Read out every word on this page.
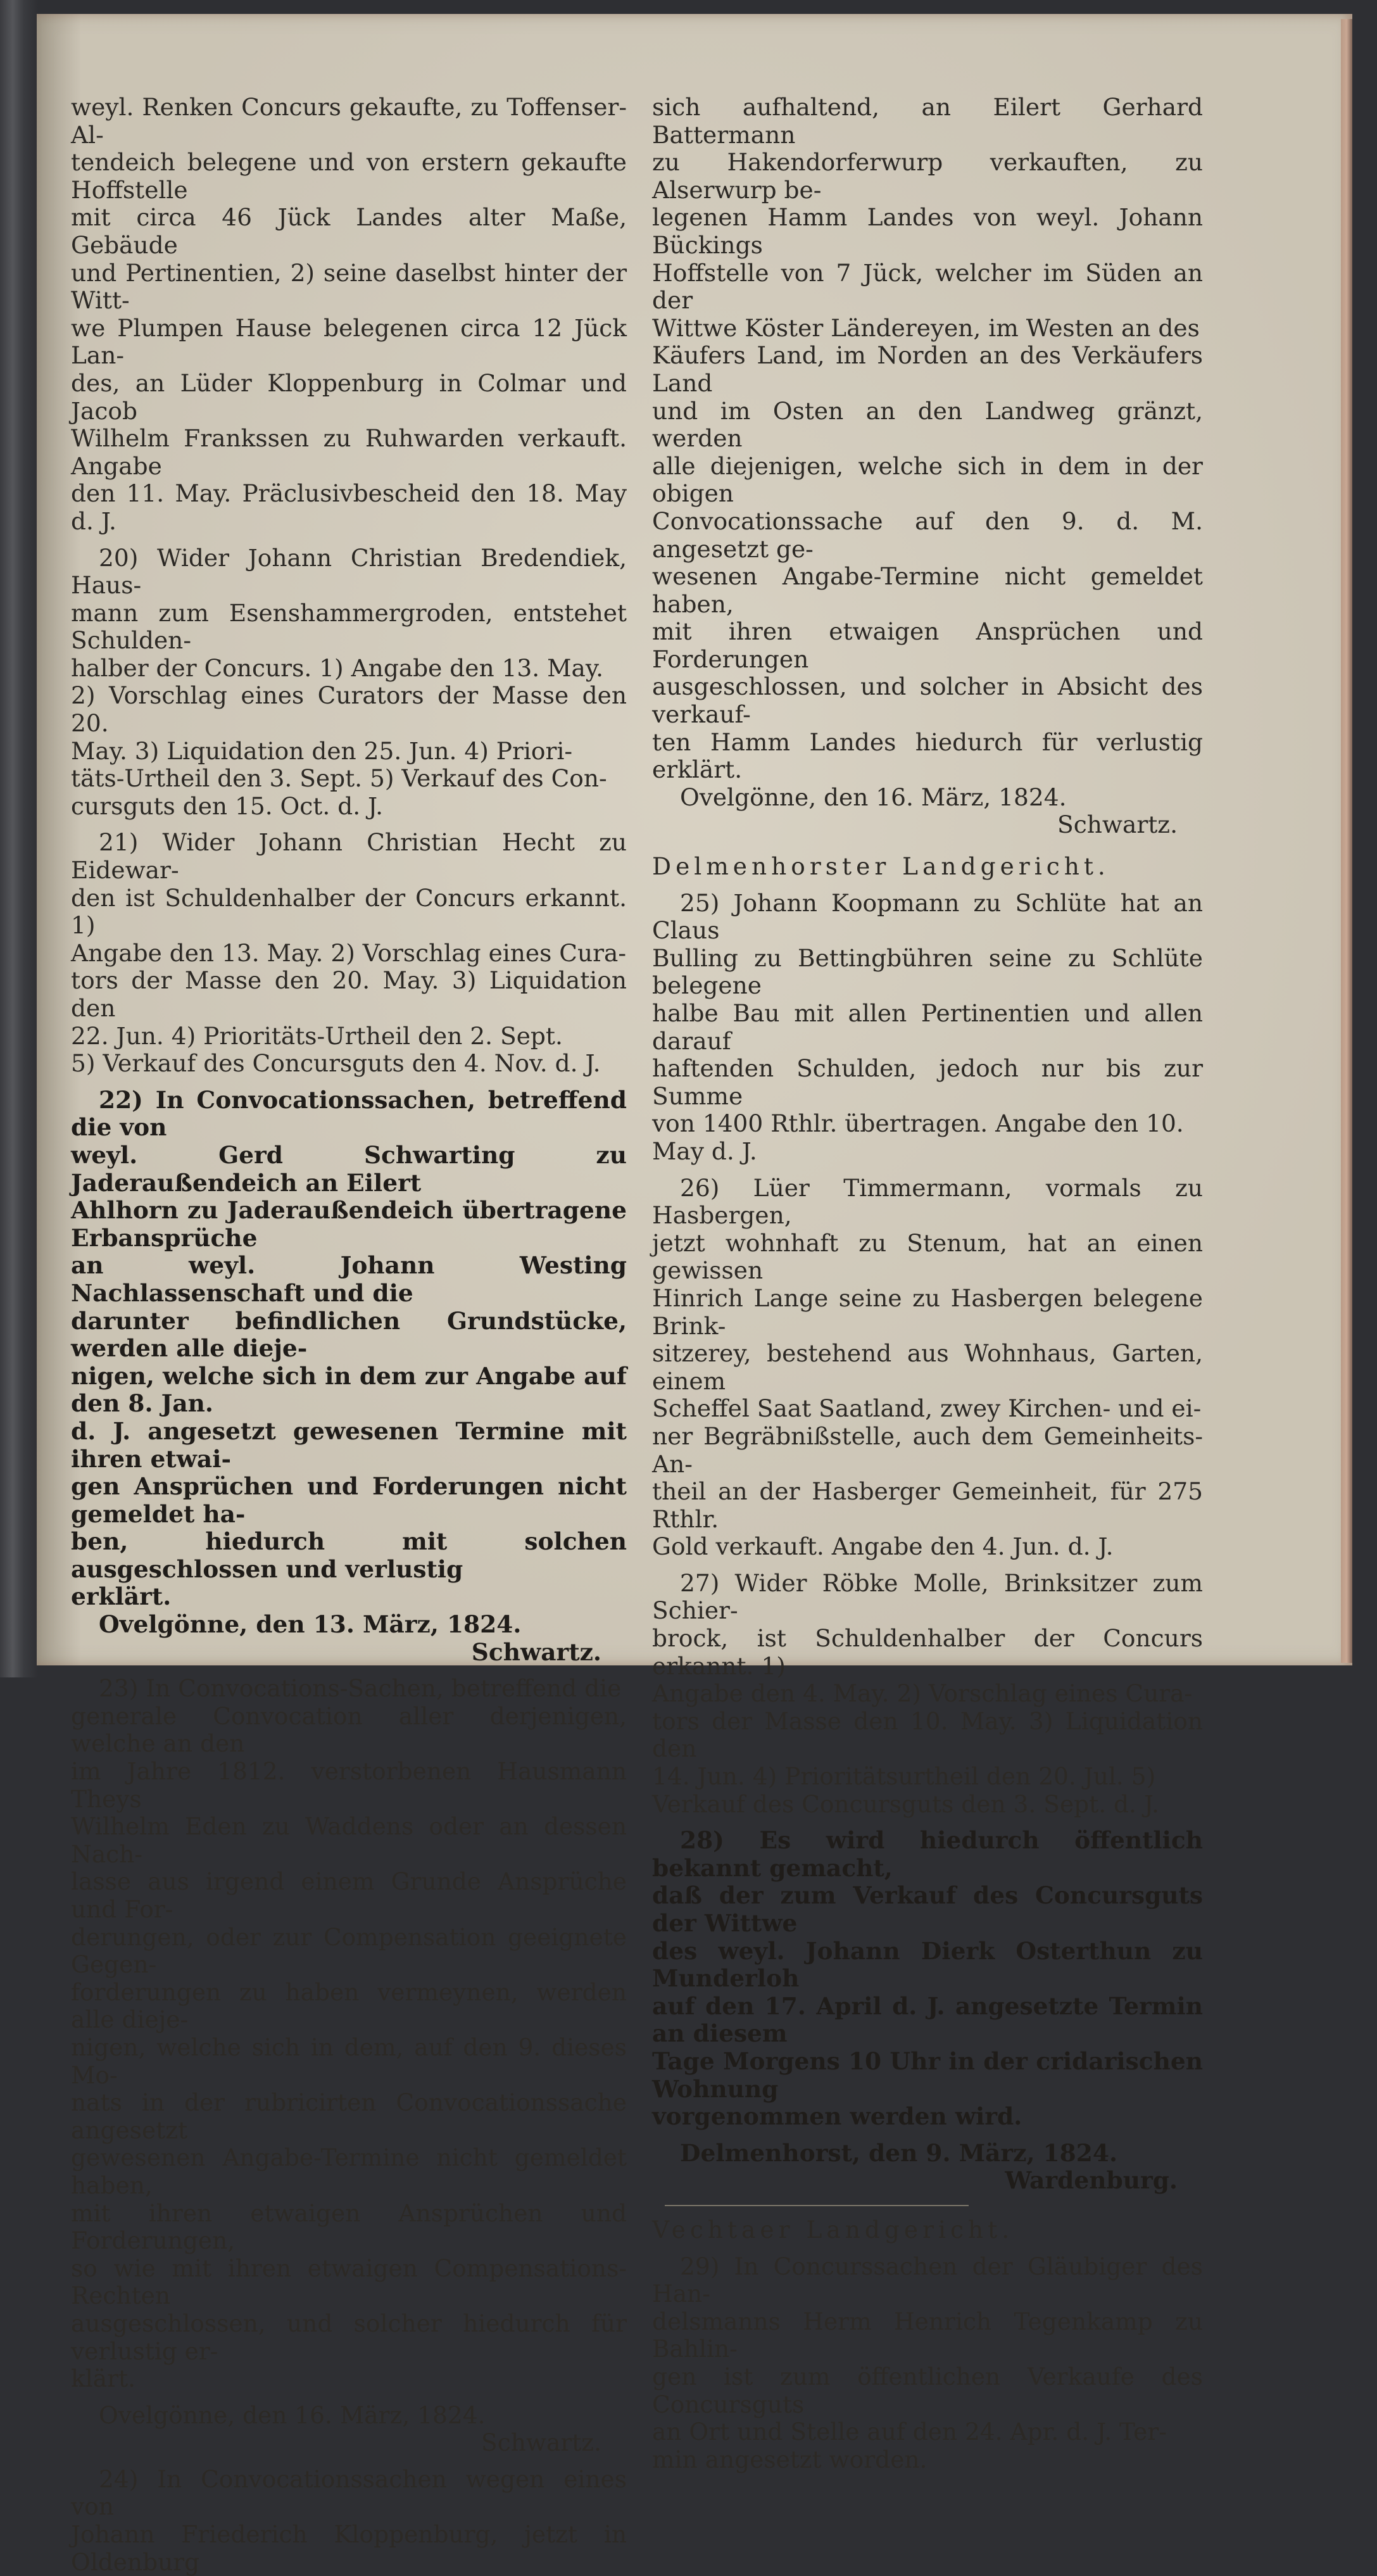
weyl. Renken Concurs gekaufte, zu Toffenser-Al-
tendeich belegene und von erstern gekaufte Hoffstelle
mit circa 46 Jück Landes alter Maße, Gebäude
und Pertinentien, 2) seine daselbst hinter der Witt-
we Plumpen Hause belegenen circa 12 Jück Lan-
des, an Lüder Kloppenburg in Colmar und Jacob
Wilhelm Frankssen zu Ruhwarden verkauft. Angabe
den 11. May. Präclusivbescheid den 18. May d. J.

20) Wider Johann Christian Bredendiek, Haus-
mann zum Esenshammergroden, entstehet Schulden-
halber der Concurs. 1) Angabe den 13. May.
2) Vorschlag eines Curators der Masse den 20.
May. 3) Liquidation den 25. Jun. 4) Priori-
täts-Urtheil den 3. Sept. 5) Verkauf des Con-
cursguts den 15. Oct. d. J.

21) Wider Johann Christian Hecht zu Eidewar-
den ist Schuldenhalber der Concurs erkannt. 1)
Angabe den 13. May. 2) Vorschlag eines Cura-
tors der Masse den 20. May. 3) Liquidation den
22. Jun. 4) Prioritäts-Urtheil den 2. Sept.
5) Verkauf des Concursguts den 4. Nov. d. J.

22) In Convocationssachen, betreffend die von
weyl. Gerd Schwarting zu Jaderaußendeich an Eilert
Ahlhorn zu Jaderaußendeich übertragene Erbansprüche
an weyl. Johann Westing Nachlassenschaft und die
darunter befindlichen Grundstücke, werden alle dieje-
nigen, welche sich in dem zur Angabe auf den 8. Jan.
d. J. angesetzt gewesenen Termine mit ihren etwai-
gen Ansprüchen und Forderungen nicht gemeldet ha-
ben, hiedurch mit solchen ausgeschlossen und verlustig
erklärt.

Ovelgönne, den 13. März, 1824.

Schwartz.

23) In Convocations-Sachen, betreffend die
generale Convocation aller derjenigen, welche an den
im Jahre 1812. verstorbenen Hausmann Theys
Wilhelm Eden zu Waddens oder an dessen Nach-
lasse aus irgend einem Grunde Ansprüche und For-
derungen, oder zur Compensation geeignete Gegen-
forderungen zu haben vermeynen, werden alle dieje-
nigen, welche sich in dem, auf den 9. dieses Mo-
nats in der rubricirten Convocationssache angesetzt
gewesenen Angabe-Termine nicht gemeldet haben,
mit ihren etwaigen Ansprüchen und Forderungen,
so wie mit ihren etwaigen Compensations-Rechten
ausgeschlossen, und solcher hiedurch für verlustig er-
klärt.

Ovelgönne, den 16. März, 1824.

Schwartz.

24) In Convocationssachen wegen eines von
Johann Friederich Kloppenburg, jetzt in Oldenburg

sich aufhaltend, an Eilert Gerhard Battermann
zu Hakendorferwurp verkauften, zu Alserwurp be-
legenen Hamm Landes von weyl. Johann Bückings
Hoffstelle von 7 Jück, welcher im Süden an der
Wittwe Köster Ländereyen, im Westen an des
Käufers Land, im Norden an des Verkäufers Land
und im Osten an den Landweg gränzt, werden
alle diejenigen, welche sich in dem in der obigen
Convocationssache auf den 9. d. M. angesetzt ge-
wesenen Angabe-Termine nicht gemeldet haben,
mit ihren etwaigen Ansprüchen und Forderungen
ausgeschlossen, und solcher in Absicht des verkauf-
ten Hamm Landes hiedurch für verlustig erklärt.

Ovelgönne, den 16. März, 1824.

Schwartz.

Delmenhorster Landgericht.

25) Johann Koopmann zu Schlüte hat an Claus
Bulling zu Bettingbühren seine zu Schlüte belegene
halbe Bau mit allen Pertinentien und allen darauf
haftenden Schulden, jedoch nur bis zur Summe
von 1400 Rthlr. übertragen. Angabe den 10.
May d. J.

26) Lüer Timmermann, vormals zu Hasbergen,
jetzt wohnhaft zu Stenum, hat an einen gewissen
Hinrich Lange seine zu Hasbergen belegene Brink-
sitzerey, bestehend aus Wohnhaus, Garten, einem
Scheffel Saat Saatland, zwey Kirchen- und ei-
ner Begräbnißstelle, auch dem Gemeinheits-An-
theil an der Hasberger Gemeinheit, für 275 Rthlr.
Gold verkauft. Angabe den 4. Jun. d. J.

27) Wider Röbke Molle, Brinksitzer zum Schier-
brock, ist Schuldenhalber der Concurs erkannt. 1)
Angabe den 4. May. 2) Vorschlag eines Cura-
tors der Masse den 10. May. 3) Liquidation den
14. Jun. 4) Prioritätsurtheil den 20. Jul. 5)
Verkauf des Concursguts den 3. Sept. d. J.

28) Es wird hiedurch öffentlich bekannt gemacht,
daß der zum Verkauf des Concursguts der Wittwe
des weyl. Johann Dierk Osterthun zu Munderloh
auf den 17. April d. J. angesetzte Termin an diesem
Tage Morgens 10 Uhr in der cridarischen Wohnung
vorgenommen werden wird.

Delmenhorst, den 9. März, 1824.

Wardenburg.

Vechtaer Landgericht.

29) In Concurssachen der Gläubiger des Han-
delsmanns Herm Henrich Tegenkamp zu Bahlin-
gen ist zum öffentlichen Verkaufe des Concursguts
an Ort und Stelle auf den 24. Apr. d. J. Ter-
min angesetzt worden.
